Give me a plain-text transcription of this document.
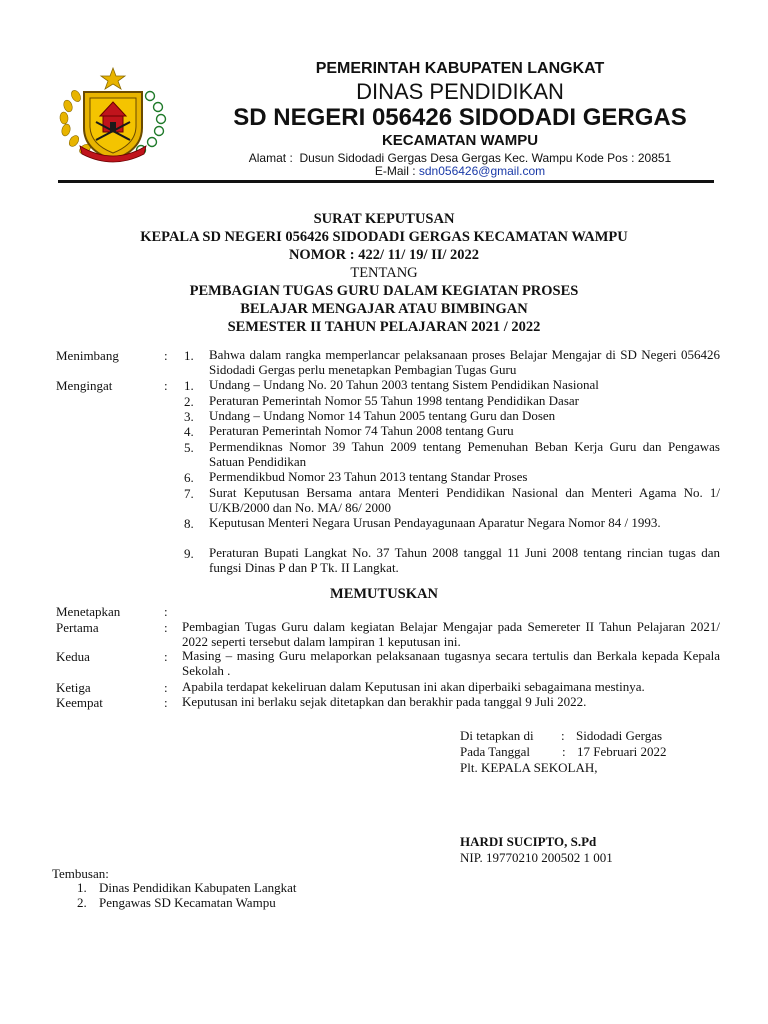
PEMERINTAH KABUPATEN LANGKAT
DINAS PENDIDIKAN
SD NEGERI 056426 SIDODADI GERGAS
KECAMATAN WAMPU
Alamat : Dusun Sidodadi Gergas Desa Gergas Kec. Wampu Kode Pos : 20851
E-Mail : sdn056426@gmail.com
SURAT KEPUTUSAN
KEPALA SD NEGERI 056426 SIDODADI GERGAS KECAMATAN WAMPU
NOMOR : 422/ 11/ 19/ II/ 2022
TENTANG
PEMBAGIAN TUGAS GURU DALAM KEGIATAN PROSES
BELAJAR MENGAJAR ATAU BIMBINGAN
SEMESTER II TAHUN PELAJARAN 2021 / 2022
Menimbang	: 1. Bahwa dalam rangka memperlancar pelaksanaan proses Belajar Mengajar di SD Negeri 056426 Sidodadi Gergas perlu menetapkan Pembagian Tugas Guru
Mengingat	: 1. Undang – Undang No. 20 Tahun 2003 tentang Sistem Pendidikan Nasional
2. Peraturan Pemerintah Nomor 55 Tahun 1998 tentang Pendidikan Dasar
3. Undang – Undang Nomor 14 Tahun 2005 tentang Guru dan Dosen
4. Peraturan Pemerintah Nomor 74 Tahun 2008 tentang Guru
5. Permendiknas Nomor 39 Tahun 2009 tentang Pemenuhan Beban Kerja Guru dan Pengawas Satuan Pendidikan
6. Permendikbud Nomor 23 Tahun 2013 tentang Standar Proses
7. Surat Keputusan Bersama antara Menteri Pendidikan Nasional dan Menteri Agama No. 1/ U/KB/2000 dan No. MA/ 86/ 2000
8. Keputusan Menteri Negara Urusan Pendayagunaan Aparatur Negara Nomor 84 / 1993.
9. Peraturan Bupati Langkat No. 37 Tahun 2008 tanggal 11 Juni 2008 tentang rincian tugas dan fungsi Dinas P dan P Tk. II Langkat.
MEMUTUSKAN
Menetapkan	:
Pertama	: Pembagian Tugas Guru dalam kegiatan Belajar Mengajar pada Semereter II Tahun Pelajaran 2021/ 2022 seperti tersebut dalam lampiran 1 keputusan ini.
Kedua	: Masing – masing Guru melaporkan pelaksanaan tugasnya secara tertulis dan Berkala kepada Kepala Sekolah .
Ketiga	: Apabila terdapat kekeliruan dalam Keputusan ini akan diperbaiki sebagaimana mestinya.
Keempat	: Keputusan ini berlaku sejak ditetapkan dan berakhir pada tanggal 9 Juli 2022.
Di tetapkan di : Sidodadi Gergas
Pada Tanggal : 17 Februari 2022
Plt. KEPALA SEKOLAH,
HARDI SUCIPTO, S.Pd
NIP. 19770210 200502 1 001
Tembusan:
1. Dinas Pendidikan Kabupaten Langkat
2. Pengawas SD Kecamatan Wampu
